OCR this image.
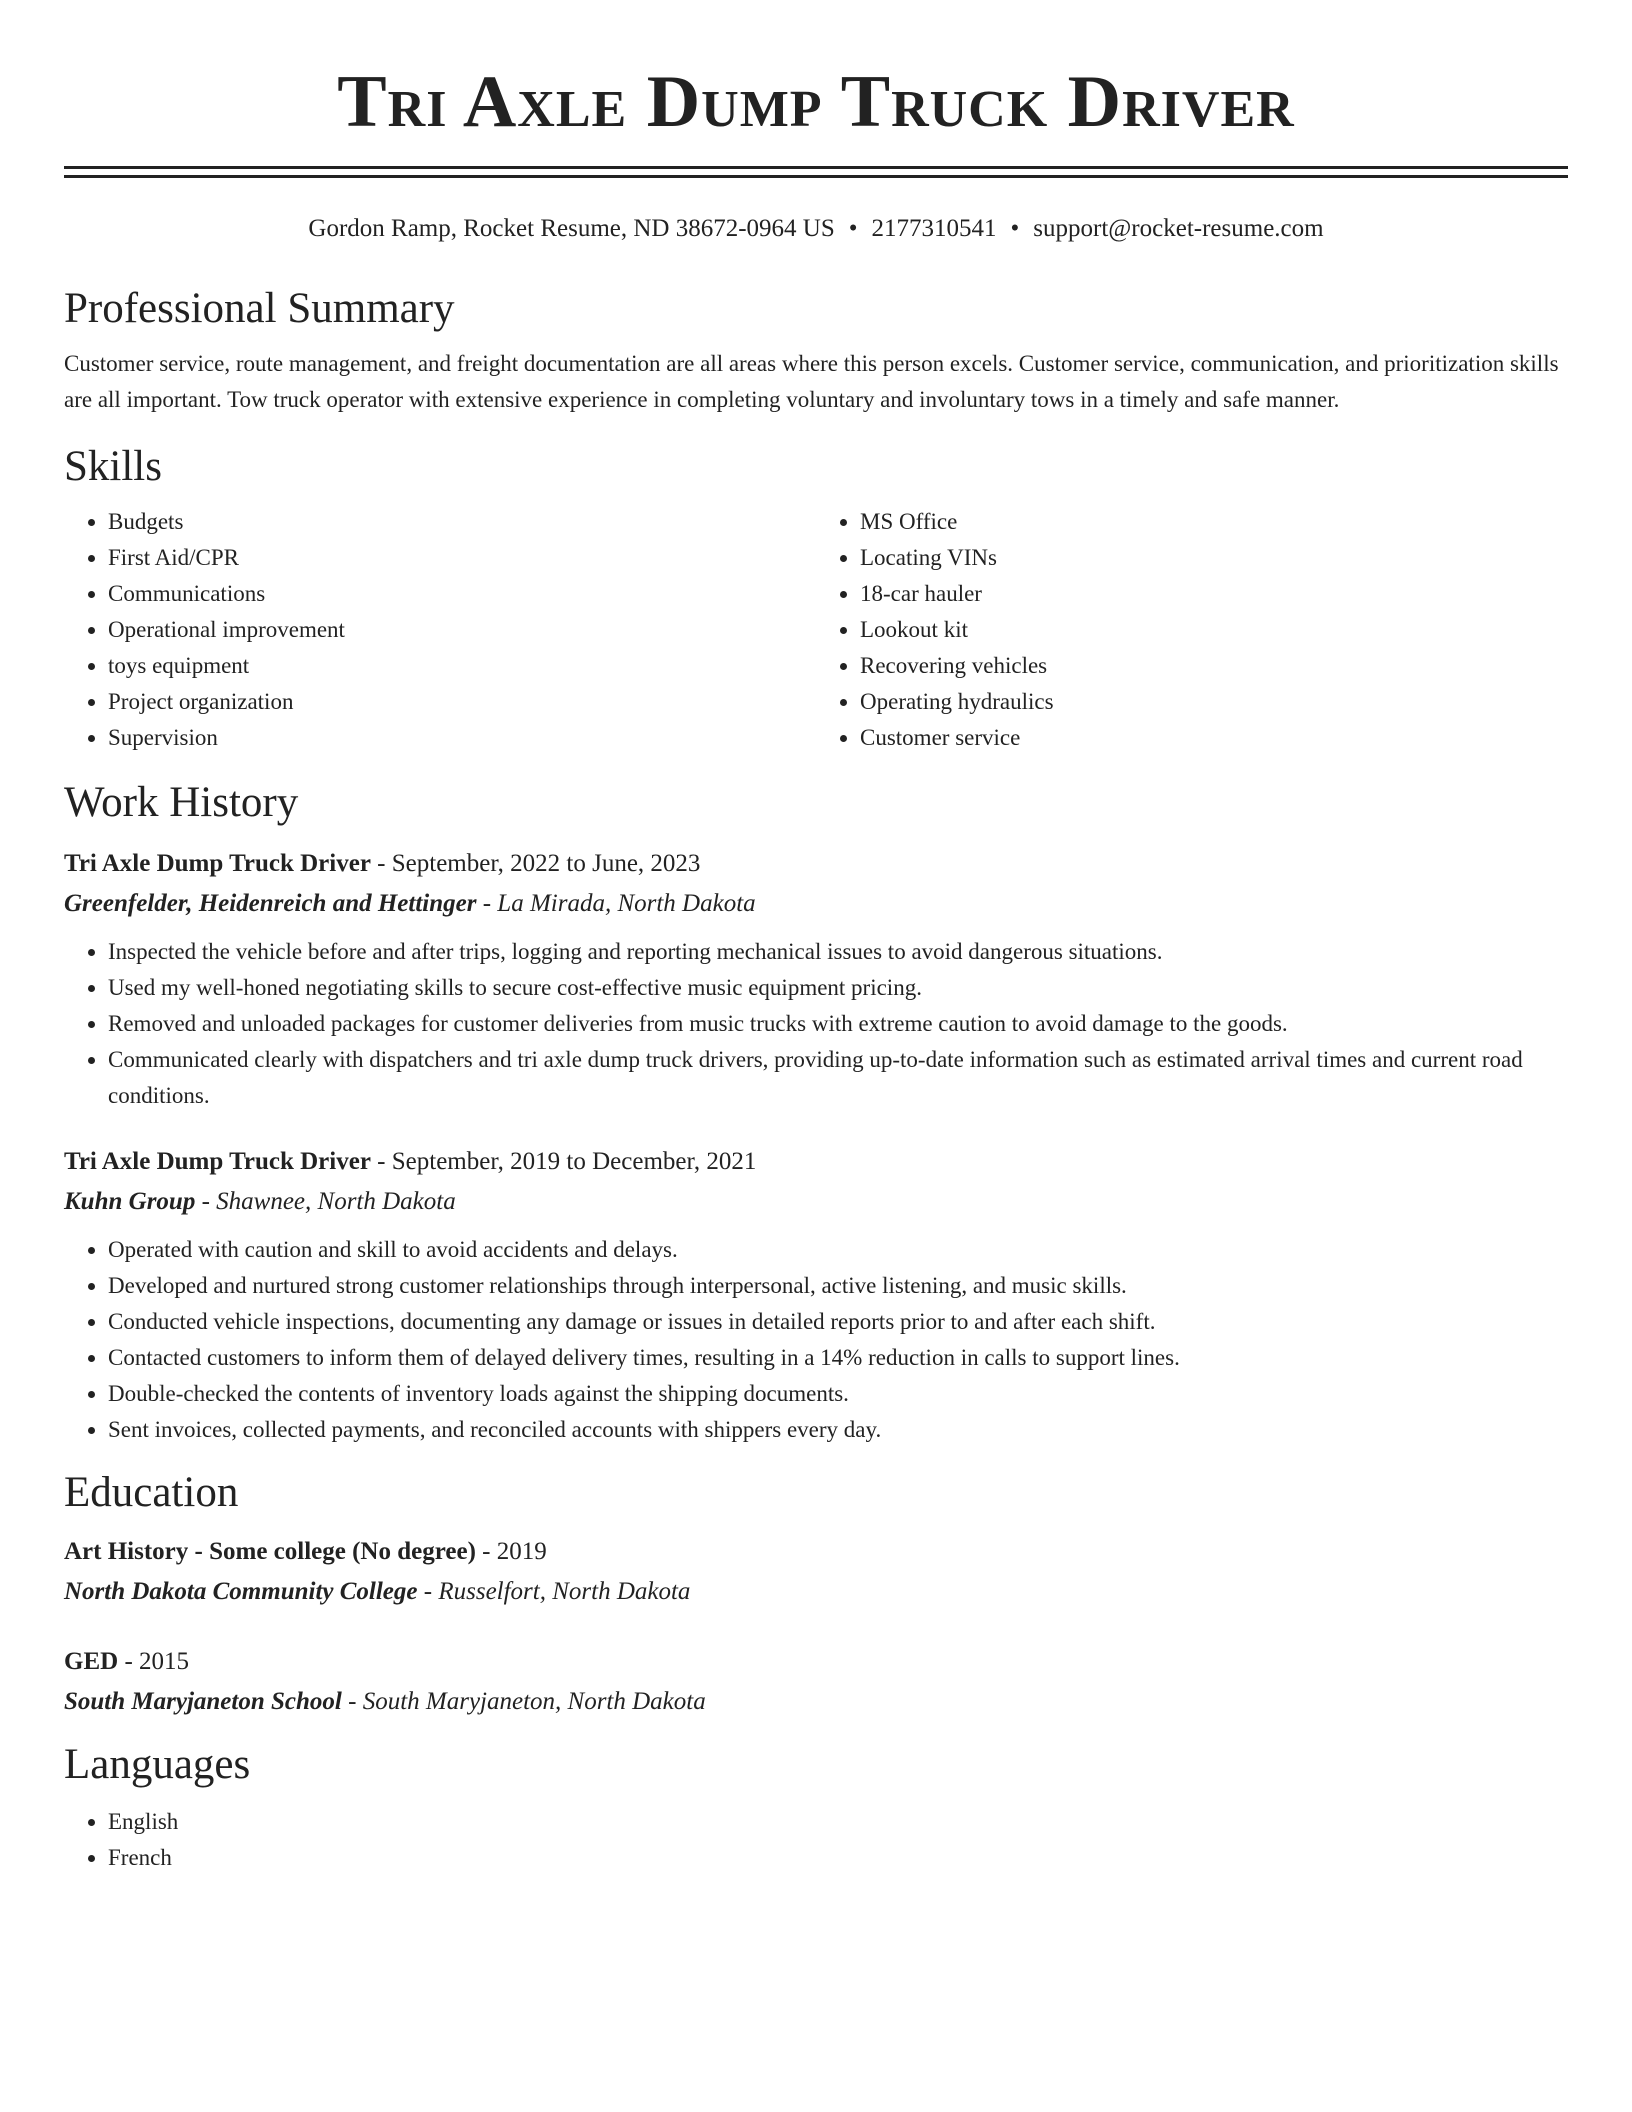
Tri Axle Dump Truck Driver
Gordon Ramp, Rocket Resume, ND 38672-0964 US • 2177310541 • support@rocket-resume.com
Professional Summary

Customer service, route management, and freight documentation are all areas where this person excels. Customer service, communication, and prioritization skills are all important. Tow truck operator with extensive experience in completing voluntary and involuntary tows in a timely and safe manner.

Skills
• Budgets
• First Aid/CPR
• Communications
• Operational improvement
• toys equipment
• Project organization
• Supervision
• MS Office
• Locating VINs
• 18-car hauler
• Lookout kit
• Recovering vehicles
• Operating hydraulics
• Customer service
Work History

Tri Axle Dump Truck Driver - September, 2022 to June, 2023

Greenfelder, Heidenreich and Hettinger - La Mirada, North Dakota

• Inspected the vehicle before and after trips, logging and reporting mechanical issues to avoid dangerous situations.
• Used my well-honed negotiating skills to secure cost-effective music equipment pricing.
• Removed and unloaded packages for customer deliveries from music trucks with extreme caution to avoid damage to the goods.
• Communicated clearly with dispatchers and tri axle dump truck drivers, providing up-to-date information such as estimated arrival times and current road conditions.

Tri Axle Dump Truck Driver - September, 2019 to December, 2021

Kuhn Group - Shawnee, North Dakota

• Operated with caution and skill to avoid accidents and delays.
• Developed and nurtured strong customer relationships through interpersonal, active listening, and music skills.
• Conducted vehicle inspections, documenting any damage or issues in detailed reports prior to and after each shift.
• Contacted customers to inform them of delayed delivery times, resulting in a 14% reduction in calls to support lines.
• Double-checked the contents of inventory loads against the shipping documents.
• Sent invoices, collected payments, and reconciled accounts with shippers every day.
Education

Art History - Some college (No degree) - 2019

North Dakota Community College - Russelfort, North Dakota

GED - 2015

South Maryjaneton School - South Maryjaneton, North Dakota

Languages
• English
• French
